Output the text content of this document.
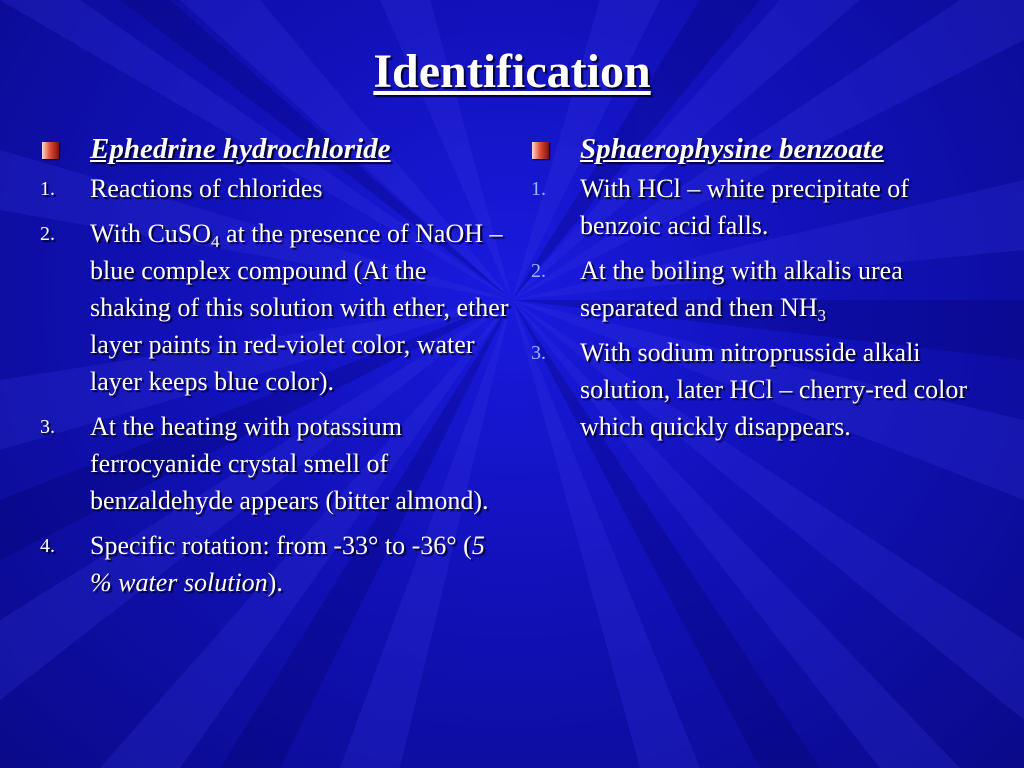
Identification
Ephedrine hydrochloride
1. Reactions of chlorides
2. With CuSO$_4$ at the presence of NaOH – blue complex compound (At the shaking of this solution with ether, ether layer paints in red-violet color, water layer keeps blue color).
3. At the heating with potassium ferrocyanide crystal smell of benzaldehyde appears (bitter almond).
4. Specific rotation: from -33° to -36° (5 % water solution).
Sphaerophysine benzoate
1. With HCl – white precipitate of benzoic acid falls.
2. At the boiling with alkalis urea separated and then $NH_3$
3. With sodium nitroprusside alkali solution, later HCl – cherry-red color which quickly disappears.
